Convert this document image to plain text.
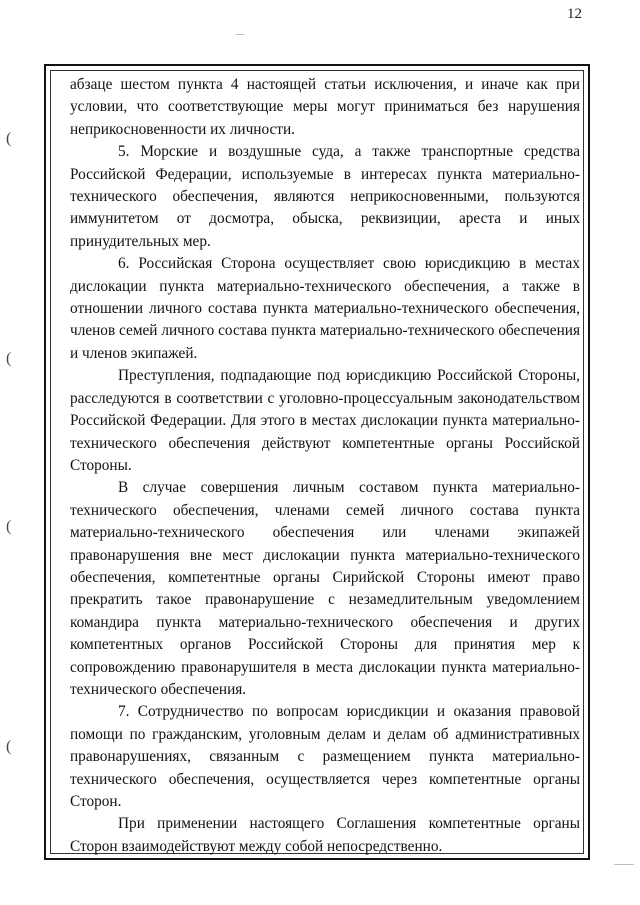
12
(
(
(
(

абзаце шестом пункта 4 настоящей статьи исключения, и иначе как при условии, что соответствующие меры могут приниматься без нарушения неприкосновенности их личности.

5. Морские и воздушные суда, а также транспортные средства Российской Федерации, используемые в интересах пункта материально-технического обеспечения, являются неприкосновенными, пользуются иммунитетом от досмотра, обыска, реквизиции, ареста и иных принудительных мер.

6. Российская Сторона осуществляет свою юрисдикцию в местах дислокации пункта материально-технического обеспечения, а также в отношении личного состава пункта материально-технического обеспечения, членов семей личного состава пункта материально-технического обеспечения и членов экипажей.

Преступления, подпадающие под юрисдикцию Российской Стороны, расследуются в соответствии с уголовно-процессуальным законодательством Российской Федерации. Для этого в местах дислокации пункта материально-технического обеспечения действуют компетентные органы Российской Стороны.

В случае совершения личным составом пункта материально-технического обеспечения, членами семей личного состава пункта материально-технического обеспечения или членами экипажей правонарушения вне мест дислокации пункта материально-технического обеспечения, компетентные органы Сирийской Стороны имеют право прекратить такое правонарушение с незамедлительным уведомлением командира пункта материально-технического обеспечения и других компетентных органов Российской Стороны для принятия мер к сопровождению правонарушителя в места дислокации пункта материально-технического обеспечения.

7. Сотрудничество по вопросам юрисдикции и оказания правовой помощи по гражданским, уголовным делам и делам об административных правонарушениях, связанным с размещением пункта материально-технического обеспечения, осуществляется через компетентные органы Сторон.

При применении настоящего Соглашения компетентные органы Сторон взаимодействуют между собой непосредственно.
